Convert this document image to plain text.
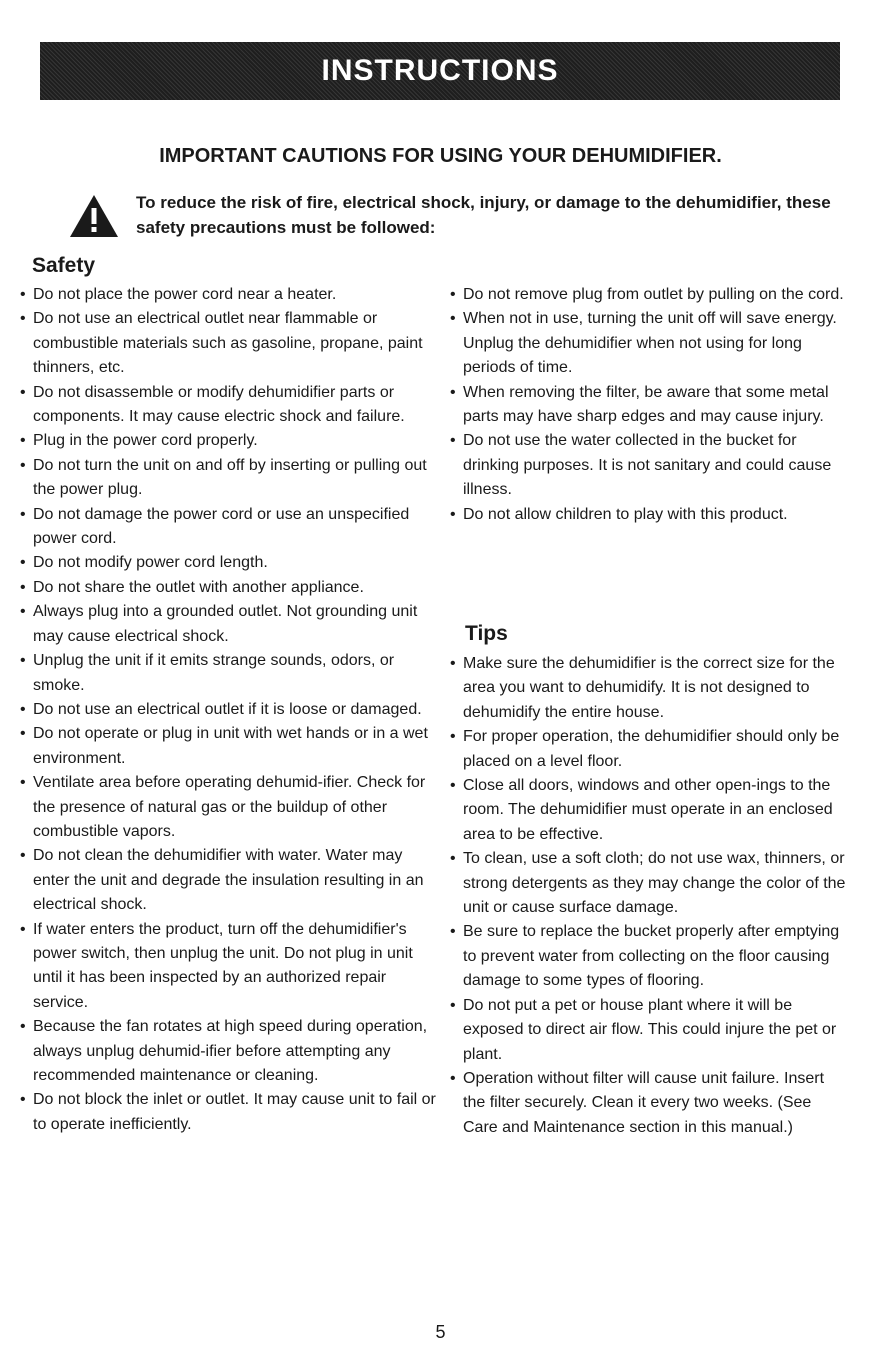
INSTRUCTIONS
IMPORTANT CAUTIONS FOR USING YOUR DEHUMIDIFIER.
To reduce the risk of fire, electrical shock, injury, or damage to the dehumidifier, these safety precautions must be followed:
Safety

• Do not place the power cord near a heater.

• Do not use an electrical outlet near flammable or combustible materials such as gasoline, propane, paint thinners, etc.

• Do not disassemble or modify dehumidifier parts or components. It may cause electric shock and failure.

• Plug in the power cord properly.

• Do not turn the unit on and off by inserting or pulling out the power plug.

• Do not damage the power cord or use an unspecified power cord.

• Do not modify power cord length.

• Do not share the outlet with another appliance.

• Always plug into a grounded outlet. Not grounding unit may cause electrical shock.

• Unplug the unit if it emits strange sounds, odors, or smoke.

• Do not use an electrical outlet if it is loose or damaged.

• Do not operate or plug in unit with wet hands or in a wet environment.

• Ventilate area before operating dehumid-ifier. Check for the presence of natural gas or the buildup of other combustible vapors.

• Do not clean the dehumidifier with water. Water may enter the unit and degrade the insulation resulting in an electrical shock.

• If water enters the product, turn off the dehumidifier's power switch, then unplug the unit. Do not plug in unit until it has been inspected by an authorized repair service.

• Because the fan rotates at high speed during operation, always unplug dehumid-ifier before attempting any recommended maintenance or cleaning.

• Do not block the inlet or outlet. It may cause unit to fail or to operate inefficiently.

• Do not remove plug from outlet by pulling on the cord.

• When not in use, turning the unit off will save energy. Unplug the dehumidifier when not using for long periods of time.

• When removing the filter, be aware that some metal parts may have sharp edges and may cause injury.

• Do not use the water collected in the bucket for drinking purposes. It is not sanitary and could cause illness.

• Do not allow children to play with this product.

Tips

• Make sure the dehumidifier is the correct size for the area you want to dehumidify. It is not designed to dehumidify the entire house.

• For proper operation, the dehumidifier should only be placed on a level floor.

• Close all doors, windows and other open-ings to the room. The dehumidifier must operate in an enclosed area to be effective.

• To clean, use a soft cloth; do not use wax, thinners, or strong detergents as they may change the color of the unit or cause surface damage.

• Be sure to replace the bucket properly after emptying to prevent water from collecting on the floor causing damage to some types of flooring.

• Do not put a pet or house plant where it will be exposed to direct air flow. This could injure the pet or plant.

• Operation without filter will cause unit failure. Insert the filter securely. Clean it every two weeks. (See Care and Maintenance section in this manual.)

5
